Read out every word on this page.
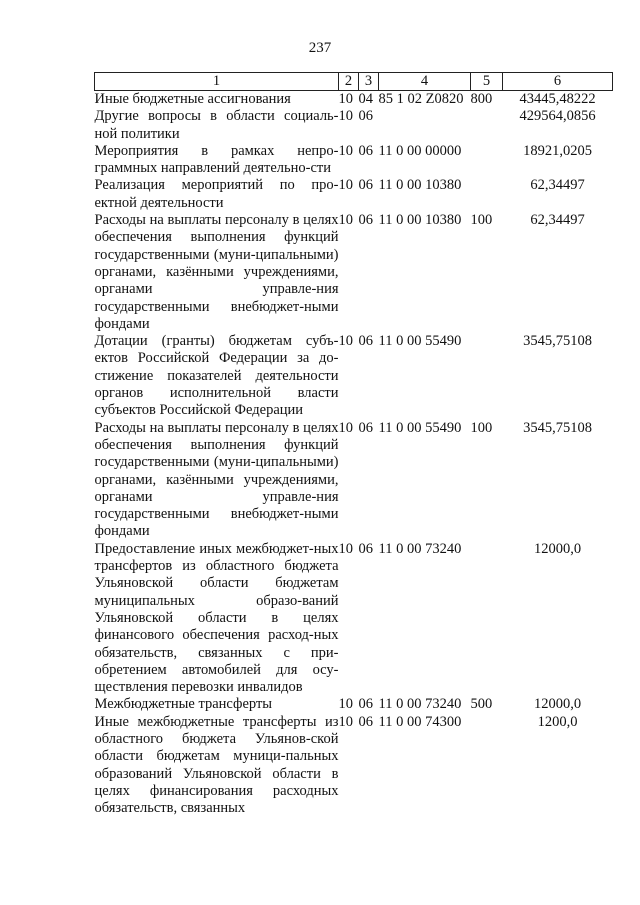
237
1	2	3	4	5	6
Иные бюджетные ассигнования	10	04	85 1 02 Z0820	800	43445,48222
Другие вопросы в области социаль-ной политики	10	06			429564,0856
Мероприятия в рамках непро-граммных направлений деятельно-сти	10	06	11 0 00 00000		18921,0205
Реализация мероприятий по про-ектной деятельности	10	06	11 0 00 10380		62,34497
Расходы на выплаты персоналу в целях обеспечения выполнения функций государственными (муни-ципальными) органами, казёнными учреждениями, органами управле-ния государственными внебюджет-ными фондами	10	06	11 0 00 10380	100	62,34497
Дотации (гранты) бюджетам субъ-ектов Российской Федерации за до-стижение показателей деятельности органов исполнительной власти субъектов Российской Федерации	10	06	11 0 00 55490		3545,75108
Расходы на выплаты персоналу в целях обеспечения выполнения функций государственными (муни-ципальными) органами, казёнными учреждениями, органами управле-ния государственными внебюджет-ными фондами	10	06	11 0 00 55490	100	3545,75108
Предоставление иных межбюджет-ных трансфертов из областного бюджета Ульяновской области бюджетам муниципальных образо-ваний Ульяновской области в целях финансового обеспечения расход-ных обязательств, связанных с при-обретением автомобилей для осу-ществления перевозки инвалидов	10	06	11 0 00 73240		12000,0
Межбюджетные трансферты	10	06	11 0 00 73240	500	12000,0
Иные межбюджетные трансферты из областного бюджета Ульянов-ской области бюджетам муници-пальных образований Ульяновской области в целях финансирования расходных обязательств, связанных	10	06	11 0 00 74300		1200,0
